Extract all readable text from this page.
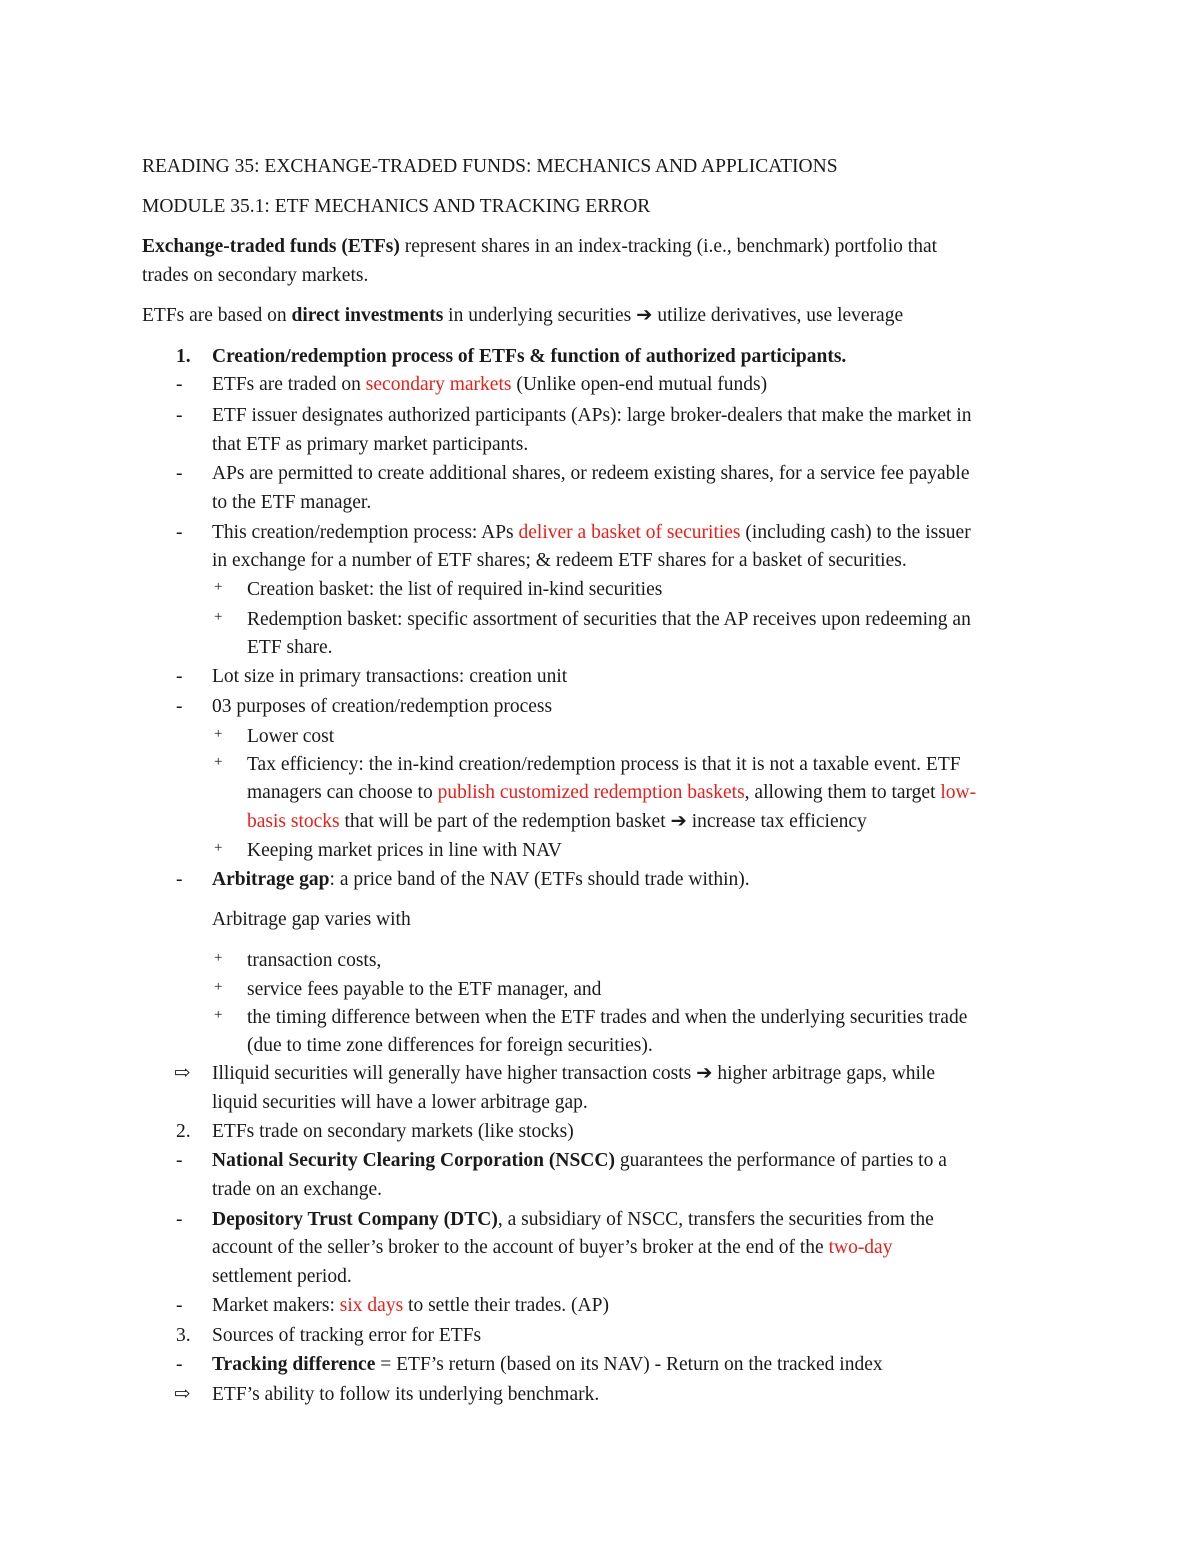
READING 35: EXCHANGE-TRADED FUNDS: MECHANICS AND APPLICATIONS
MODULE 35.1: ETF MECHANICS AND TRACKING ERROR
Exchange-traded funds (ETFs) represent shares in an index-tracking (i.e., benchmark) portfolio that
trades on secondary markets.
ETFs are based on direct investments in underlying securities ➔ utilize derivatives, use leverage
1. Creation/redemption process of ETFs & function of authorized participants.
- ETFs are traded on secondary markets (Unlike open-end mutual funds)
- ETF issuer designates authorized participants (APs): large broker-dealers that make the market in
that ETF as primary market participants.
- APs are permitted to create additional shares, or redeem existing shares, for a service fee payable
to the ETF manager.
- This creation/redemption process: APs deliver a basket of securities (including cash) to the issuer
in exchange for a number of ETF shares; & redeem ETF shares for a basket of securities.
+ Creation basket: the list of required in-kind securities
+ Redemption basket: specific assortment of securities that the AP receives upon redeeming an
ETF share.
- Lot size in primary transactions: creation unit
- 03 purposes of creation/redemption process
+ Lower cost
+ Tax efficiency: the in-kind creation/redemption process is that it is not a taxable event. ETF
managers can choose to publish customized redemption baskets, allowing them to target low-
basis stocks that will be part of the redemption basket ➔ increase tax efficiency
+ Keeping market prices in line with NAV
- Arbitrage gap: a price band of the NAV (ETFs should trade within).
Arbitrage gap varies with
+ transaction costs,
+ service fees payable to the ETF manager, and
+ the timing difference between when the ETF trades and when the underlying securities trade
(due to time zone differences for foreign securities).
⇨ Illiquid securities will generally have higher transaction costs ➔ higher arbitrage gaps, while
liquid securities will have a lower arbitrage gap.
2. ETFs trade on secondary markets (like stocks)
- National Security Clearing Corporation (NSCC) guarantees the performance of parties to a
trade on an exchange.
- Depository Trust Company (DTC), a subsidiary of NSCC, transfers the securities from the
account of the seller’s broker to the account of buyer’s broker at the end of the two-day
settlement period.
- Market makers: six days to settle their trades. (AP)
3. Sources of tracking error for ETFs
- Tracking difference = ETF’s return (based on its NAV) - Return on the tracked index
⇨ ETF’s ability to follow its underlying benchmark.
